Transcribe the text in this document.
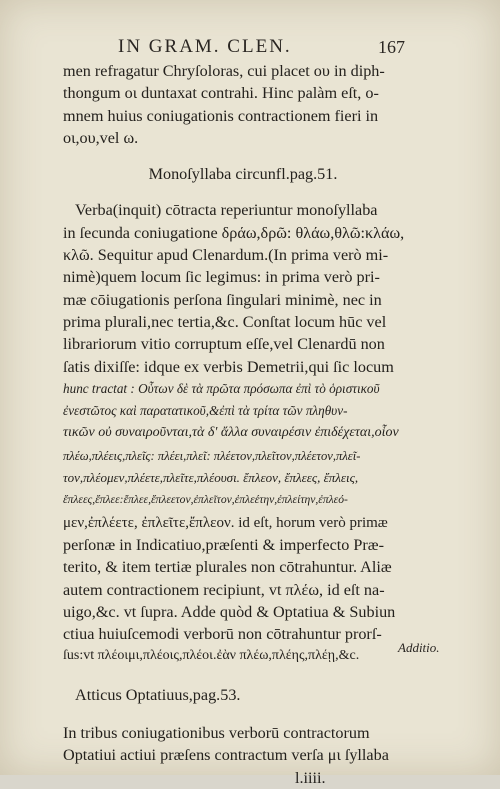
IN GRAM. CLEN.	167
men refragatur Chryſoloras, cui placet ου in diph-
thongum οι duntaxat contrahi. Hinc palàm eſt, o-
mnem huius coniugationis contractionem fieri in
οι,ου,vel ω.
Monoſyllaba circunfl.pag.51.
Verba(inquit) cōtracta reperiuntur monoſyllaba
in ſecunda coniugatione δράω,δρῶ: θλάω,θλῶ:κλάω,
κλῶ. Sequitur apud Clenardum.(In prima verò mi-
nimè)quem locum ſic legimus: in prima verò pri-
mæ cōiugationis perſona ſingulari minimè, nec in
prima plurali,nec tertia,&c. Conſtat locum hūc vel
librariorum vitio corruptum eſſe,vel Clenardū non
ſatis dixiſſe: idque ex verbis Demetrii,qui ſic locum
hunc tractat : Οὗτων δὲ τὰ πρῶτα πρόσωπα ἐπὶ τὸ ὁριστικοῦ ἐνεστῶτος καὶ παρατατικοῦ,&ἐπὶ τὰ τρίτα τῶν πληθυν-
τικῶν οὐ συναιροῦνται,τὰ δ' ἄλλα συναιρέσιν ἐπιδέχεται,οἷον
πλέω,πλέεις,πλεῖς: πλέει,πλεῖ: πλέετον,πλεῖτον,πλέετον,πλεῖ-
τον,πλέομεν,πλέετε,πλεῖτε,πλέουσι. ἔπλεον, ἔπλεες, ἔπλεις,
ἔπλεες,ἔπλεε:ἔπλεε,ἔπλεετον,ἐπλεῖτον,ἐπλεέτην,ἐπλείτην,ἐπλεό-
μεν,ἐπλέετε, ἐπλεῖτε,ἔπλεον. id eſt, horum verò primæ
perſonæ in Indicatiuo,præſenti & imperfecto Præ-
terito, & item tertiæ plurales non cōtrahuntur. Aliæ
autem contractionem recipiunt, vt πλέω, id eſt na-
uigo,&c. vt ſupra. Adde quòd & Optatiua & Subiun
ctiua huiuſcemodi verborū non cōtrahuntur prorſ-
ſus:vt πλέοιμι,πλέοις,πλέοι.ἐὰν πλέω,πλέης,πλέῃ,&c.
Atticus Optatiuus,pag.53.
In tribus coniugationibus verborū contractorum
Optatiui actiui præſens contractum verſa μι ſyllaba
l.iiii.
Additio.
